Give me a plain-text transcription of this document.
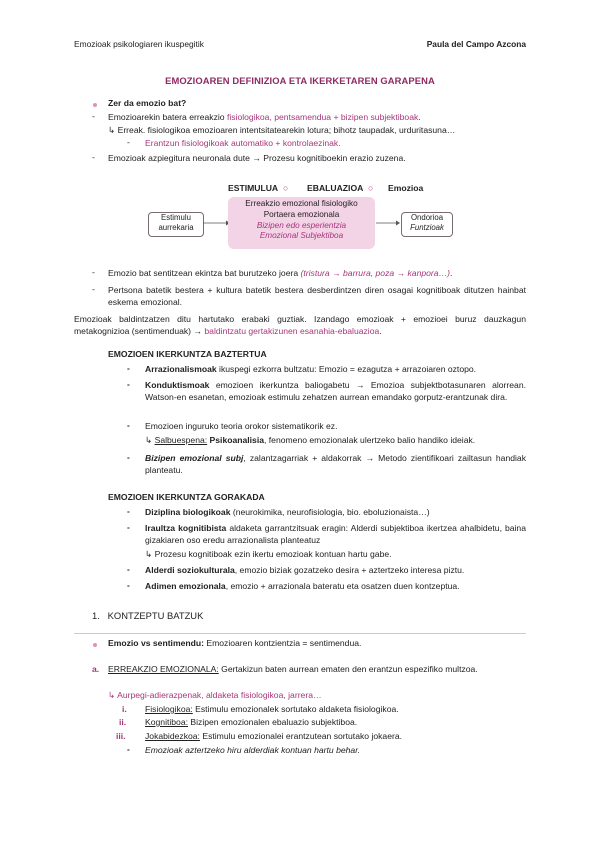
Emozioak psikologiaren ikuspegitik	Paula del Campo Azcona
EMOZIOAREN DEFINIZIOA ETA IKERKETAREN GARAPENA
Zer da emozio bat?
- Emozioarekin batera erreakzio fisiologikoa, pentsamendua + bizipen subjektiboak.
↳ Erreak. fisiologikoa emozioaren intentsitatearekin lotura; bihotz taupadak, urduritasuna…
- Erantzun fisiologikoak automatiko + kontrolaezinak.
- Emozioak azpiegitura neuronala dute → Prozesu kognitiboekin erazio zuzena.
ESTIMULUA ○ EBALUAZIOA ○ Emozioa
Estimulu
aurrekaria
Erreakzio emozional fisiologiko
Portaera emozionala
Bizipen edo esperientzia
Emozional Subjektiboa
Ondorioa
Funtzioak
- Emozio bat sentitzean ekintza bat burutzeko joera (tristura → barrura, poza → kanpora…).
- Pertsona batetik bestera + kultura batetik bestera desberdintzen diren osagai kognitiboak ditutzen hainbat eskema emozional.
Emozioak baldintzatzen ditu hartutako erabaki guztiak. Izandago emozioak + emozioei buruz dauzkagun metakognizioa (sentimenduak) → baldintzatu gertakizunen esanahia-ebaluazioa.
EMOZIOEN IKERKUNTZA BAZTERTUA
- Arrazionalismoak ikuspegi ezkorra bultzatu: Emozio = ezagutza + arrazoiaren oztopo.
- Konduktismoak emozioen ikerkuntza baliogabetu → Emozioa subjektbotasunaren alorrean. Watson-en esanetan, emozioak estimulu zehatzen aurrean emandako gorputz-erantzunak dira.
- Emozioen inguruko teoria orokor sistematikorik ez.
↳ Salbuespena: Psikoanalisia, fenomeno emozionalak ulertzeko balio handiko ideiak.
- Bizipen emozional subj, zalantzagarriak + aldakorrak → Metodo zientifikoari zailtasun handiak planteatu.
EMOZIOEN IKERKUNTZA GORAKADA
- Diziplina biologikoak (neurokimika, neurofisiologia, bio. eboluzionaista…)
- Iraultza kognitibista aldaketa garrantzitsuak eragin: Alderdi subjektiboa ikertzea ahalbidetu, baina gizakiaren oso eredu arrazionalista planteatuz
↳ Prozesu kognitiboak ezin ikertu emozioak kontuan hartu gabe.
- Alderdi soziokulturala, emozio biziak gozatzeko desira + aztertzeko interesa piztu.
- Adimen emozionala, emozio + arrazionala bateratu eta osatzen duen kontzeptua.
1. KONTZEPTU BATZUK
Emozio vs sentimendu: Emozioaren kontzientzia = sentimendua.
a. ERREAKZIO EMOZIONALA: Gertakizun baten aurrean ematen den erantzun espezifiko multzoa.
↳ Aurpegi-adierazpenak, aldaketa fisiologikoa, jarrera…
i. Fisiologikoa: Estimulu emozionalek sortutako aldaketa fisiologikoa.
ii. Kognitiboa: Bizipen emozionalen ebaluazio subjektiboa.
iii. Jokabidezkoa: Estimulu emozionalei erantzutean sortutako jokaera.
- Emozioak aztertzeko hiru alderdiak kontuan hartu behar.
